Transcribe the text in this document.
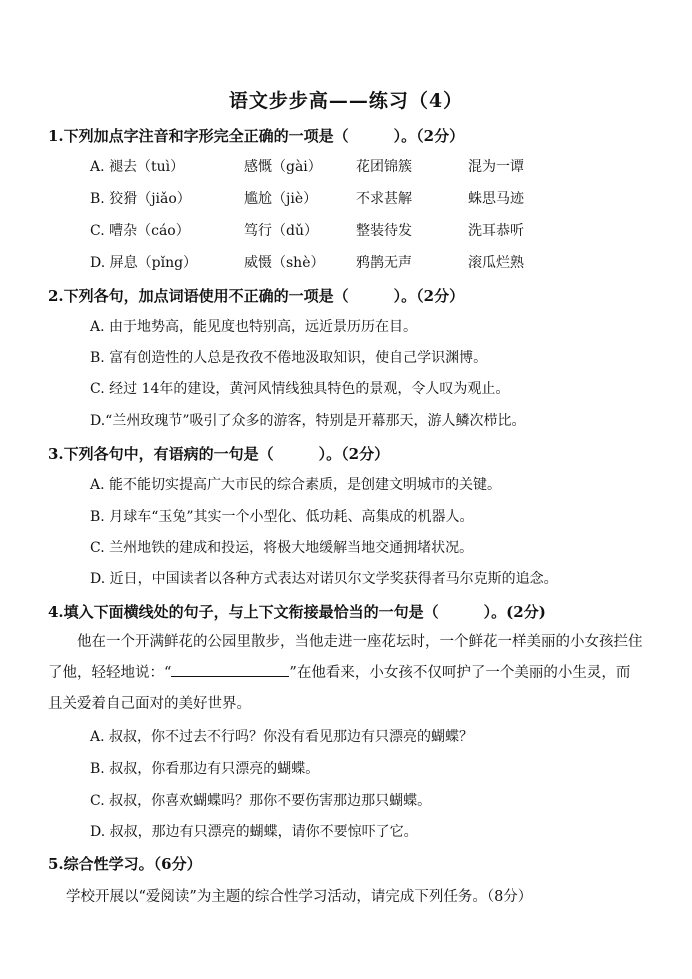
语文步步高——练习（4）
1.下列加点字注音和字形完全正确的一项是（　　　）。（2分）
A. 褪去（tuì）	感慨（gài） 花团锦簇	混为一谭
B. 狡猾（jiǎo）	尴尬（jiè）	不求甚解	蛛思马迹
C. 嘈杂（cáo）	笃行（dǔ）	整装待发	洗耳恭听
D. 屏息（pǐng）	威慑（shè） 鸦鹊无声	滚瓜烂熟
2.下列各句，加点词语使用不正确的一项是（　　　）。（2分）
A. 由于地势高，能见度也特别高，远近景历历在目。
B. 富有创造性的人总是孜孜不倦地汲取知识，使自己学识渊博。
C. 经过 14年的建设，黄河风情线独具特色的景观，令人叹为观止。
D.“兰州玫瑰节”吸引了众多的游客，特别是开幕那天，游人鳞次栉比。
3.下列各句中，有语病的一句是（　　　）。（2分）
A. 能不能切实提高广大市民的综合素质，是创建文明城市的关键。
B. 月球车“玉兔”其实一个小型化、低功耗、高集成的机器人。
C. 兰州地铁的建成和投运，将极大地缓解当地交通拥堵状况。
D. 近日，中国读者以各种方式表达对诺贝尔文学奖获得者马尔克斯的追念。
4.填入下面横线处的句子，与上下文衔接最恰当的一句是（　　　）。(2分)
他在一个开满鲜花的公园里散步，当他走进一座花坛时，一个鲜花一样美丽的小女孩拦住了他，轻轻地说：“	”在他看来，小女孩不仅呵护了一个美丽的小生灵，而且关爱着自己面对的美好世界。
A. 叔叔，你不过去不行吗？你没有看见那边有只漂亮的蝴蝶？
B. 叔叔，你看那边有只漂亮的蝴蝶。
C. 叔叔，你喜欢蝴蝶吗？那你不要伤害那边那只蝴蝶。
D. 叔叔，那边有只漂亮的蝴蝶，请你不要惊吓了它。
5.综合性学习。（6分）
学校开展以“爱阅读”为主题的综合性学习活动，请完成下列任务。（8分）
